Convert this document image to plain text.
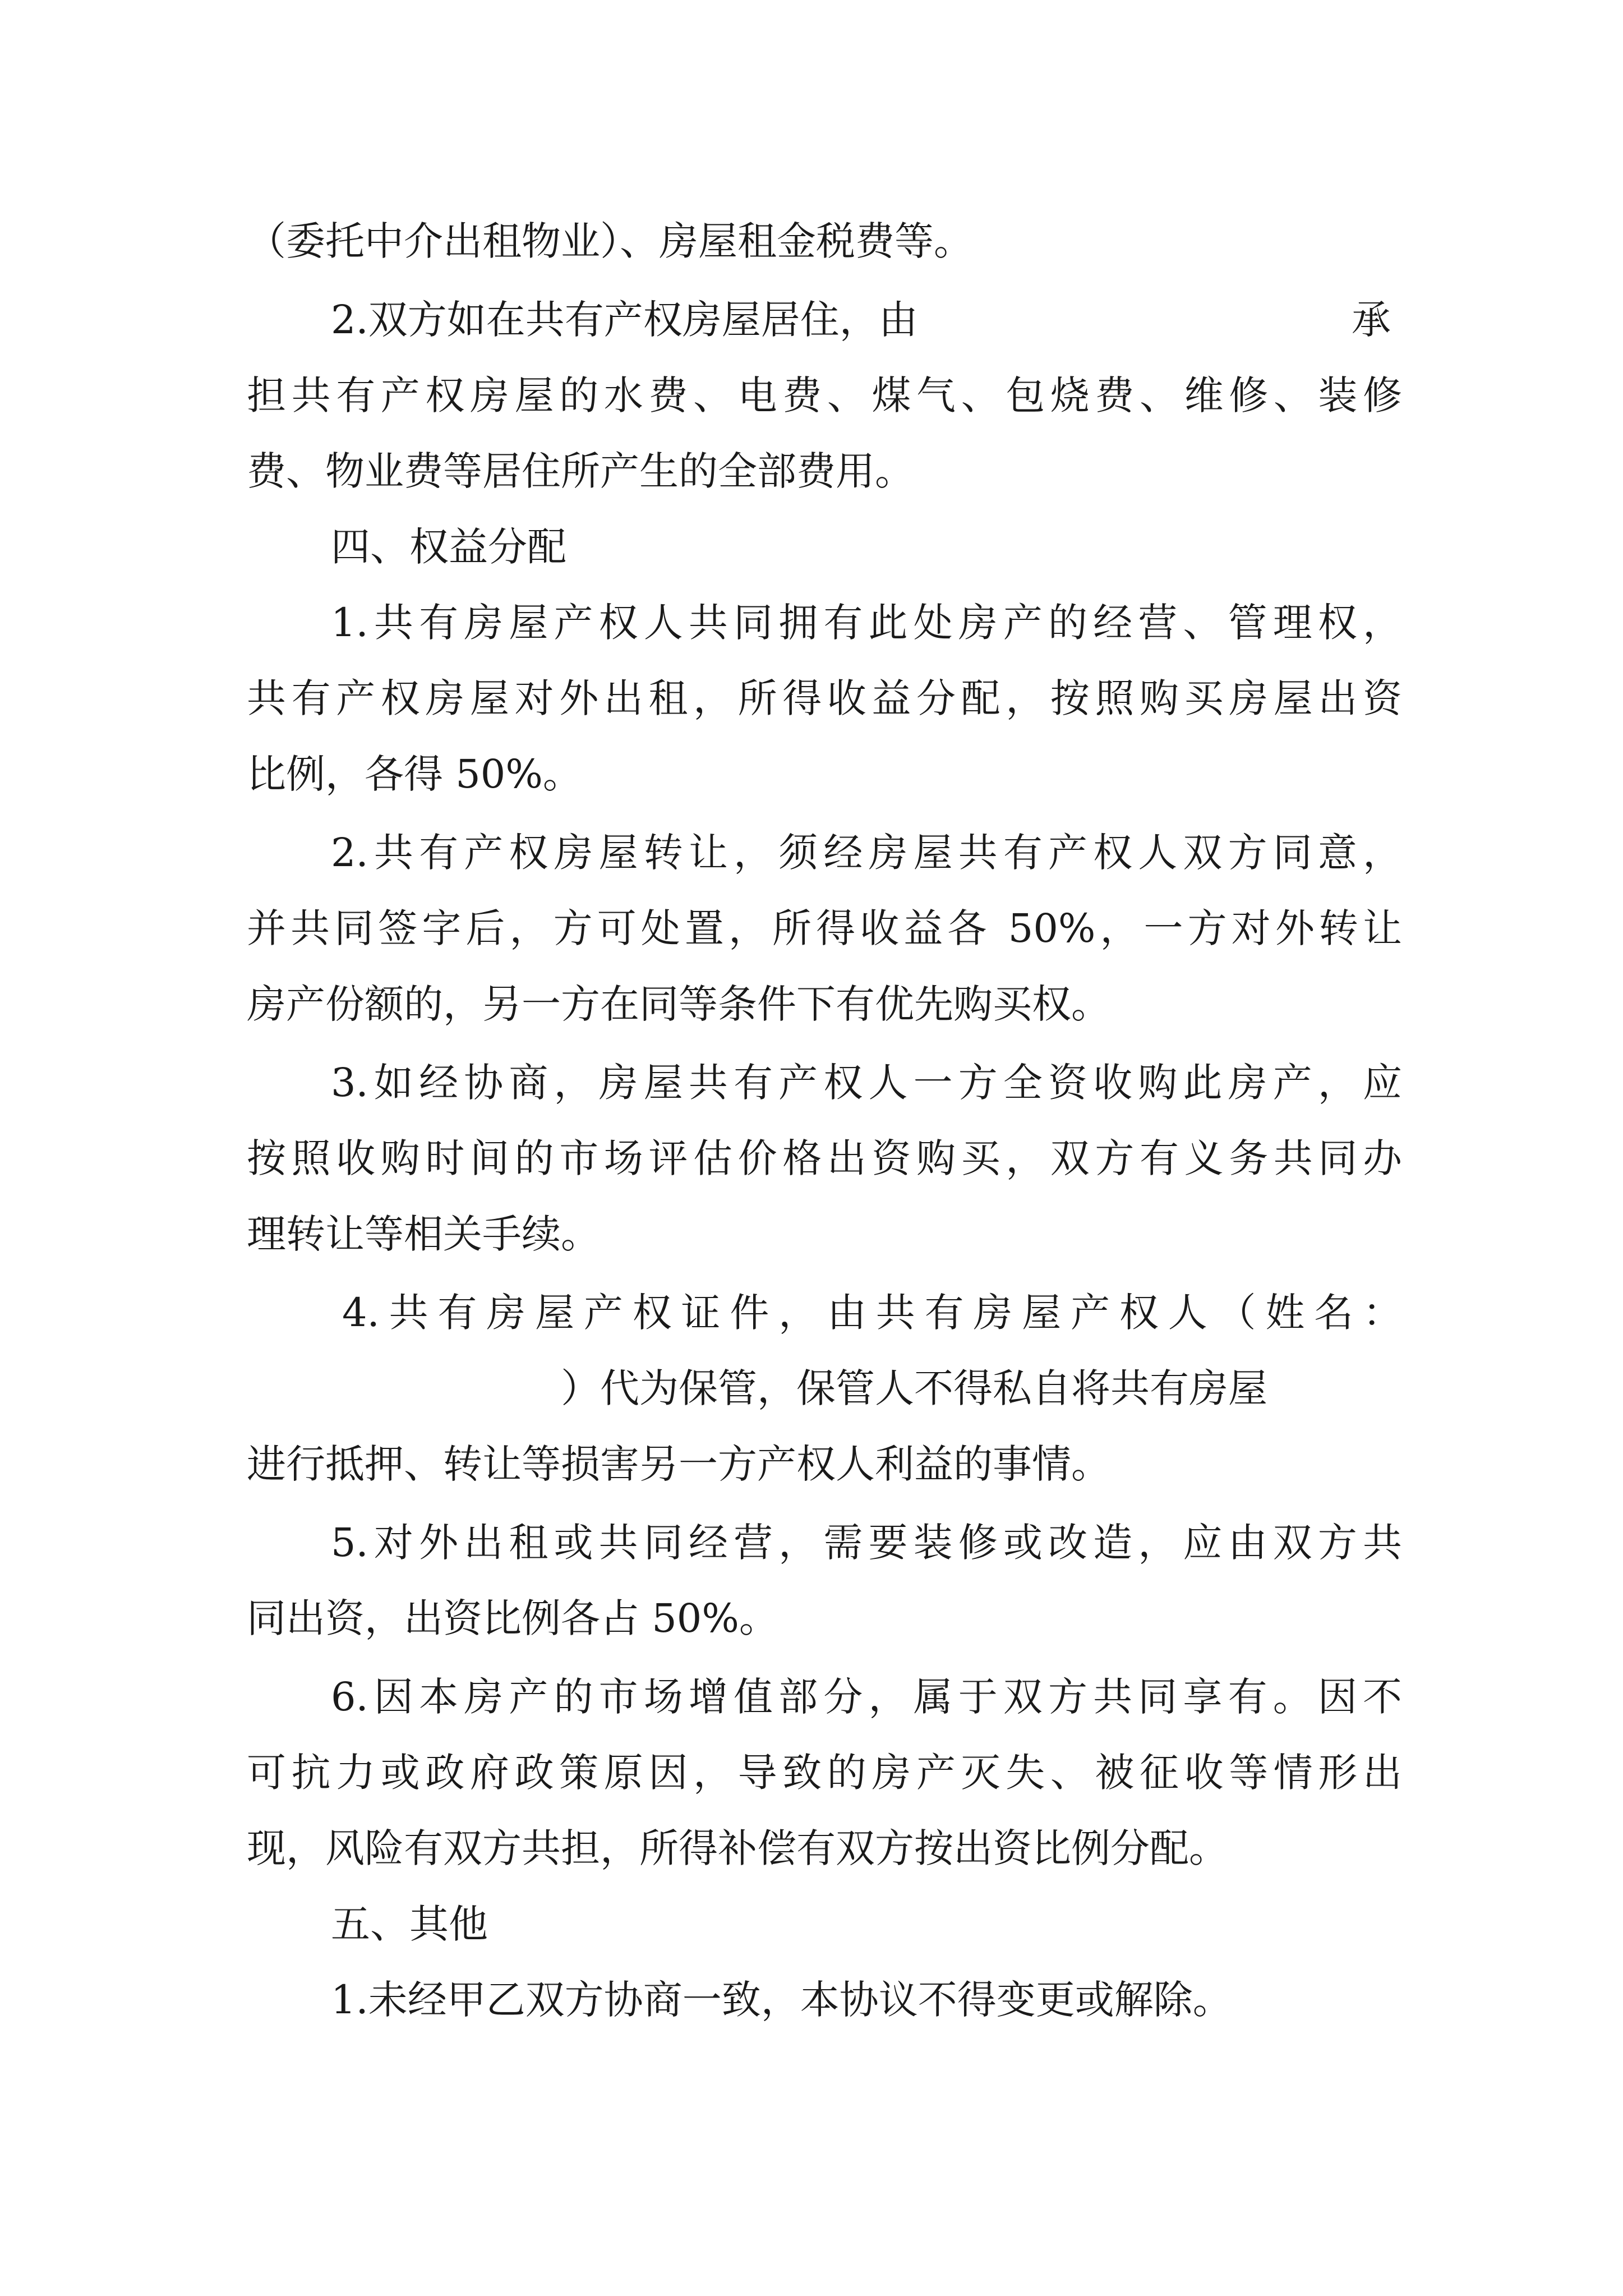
（委托中介出租物业）、房屋租金税费等。
2.双方如在共有产权房屋居住，由	承
担共有产权房屋的水费、电费、煤气、包烧费、维修、装修
费、物业费等居住所产生的全部费用。
四、权益分配
1.共有房屋产权人共同拥有此处房产的经营、管理权，
共有产权房屋对外出租，所得收益分配，按照购买房屋出资
比例，各得 50%。
2.共有产权房屋转让，须经房屋共有产权人双方同意，
并共同签字后，方可处置，所得收益各 50%，一方对外转让
房产份额的，另一方在同等条件下有优先购买权。
3.如经协商，房屋共有产权人一方全资收购此房产，应
按照收购时间的市场评估价格出资购买，双方有义务共同办
理转让等相关手续。
4.共有房屋产权证件，由共有房屋产权人（姓名：
）代为保管，保管人不得私自将共有房屋
进行抵押、转让等损害另一方产权人利益的事情。
5.对外出租或共同经营，需要装修或改造，应由双方共
同出资，出资比例各占 50%。
6.因本房产的市场增值部分，属于双方共同享有。因不
可抗力或政府政策原因，导致的房产灭失、被征收等情形出
现，风险有双方共担，所得补偿有双方按出资比例分配。
五、其他
1.未经甲乙双方协商一致，本协议不得变更或解除。
